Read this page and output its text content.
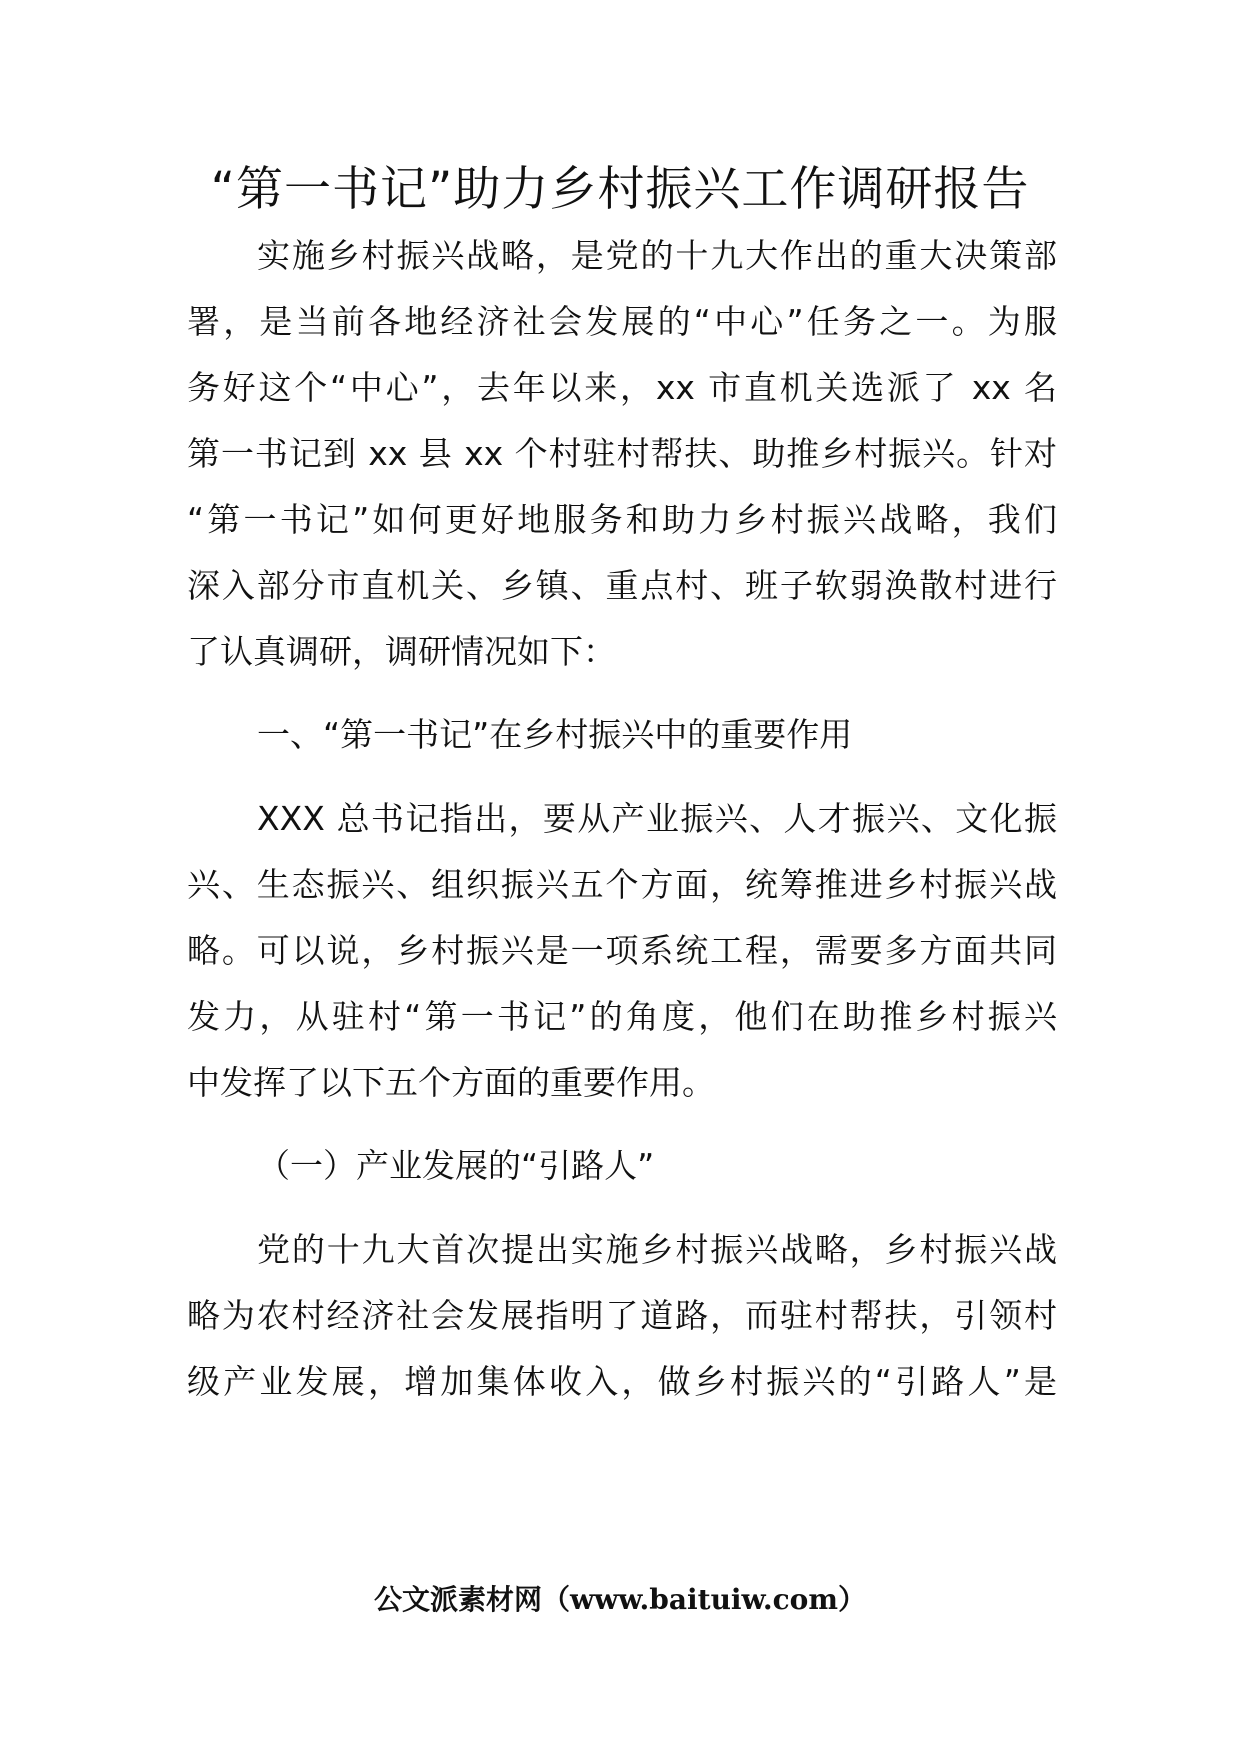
“第一书记”助力乡村振兴工作调研报告
实施乡村振兴战略，是党的十九大作出的重大决策部
署，是当前各地经济社会发展的“中心”任务之一。为服
务好这个“中心”，去年以来，xx 市直机关选派了 xx 名
第一书记到 xx 县 xx 个村驻村帮扶、助推乡村振兴。针对
“第一书记”如何更好地服务和助力乡村振兴战略，我们
深入部分市直机关、乡镇、重点村、班子软弱涣散村进行
了认真调研，调研情况如下：
一、“第一书记”在乡村振兴中的重要作用
XXX 总书记指出，要从产业振兴、人才振兴、文化振
兴、生态振兴、组织振兴五个方面，统筹推进乡村振兴战
略。可以说，乡村振兴是一项系统工程，需要多方面共同
发力，从驻村“第一书记”的角度，他们在助推乡村振兴
中发挥了以下五个方面的重要作用。
（一）产业发展的“引路人”
党的十九大首次提出实施乡村振兴战略，乡村振兴战
略为农村经济社会发展指明了道路，而驻村帮扶，引领村
级产业发展，增加集体收入，做乡村振兴的“引路人”是
公文派素材网（www.baituiw.com）
